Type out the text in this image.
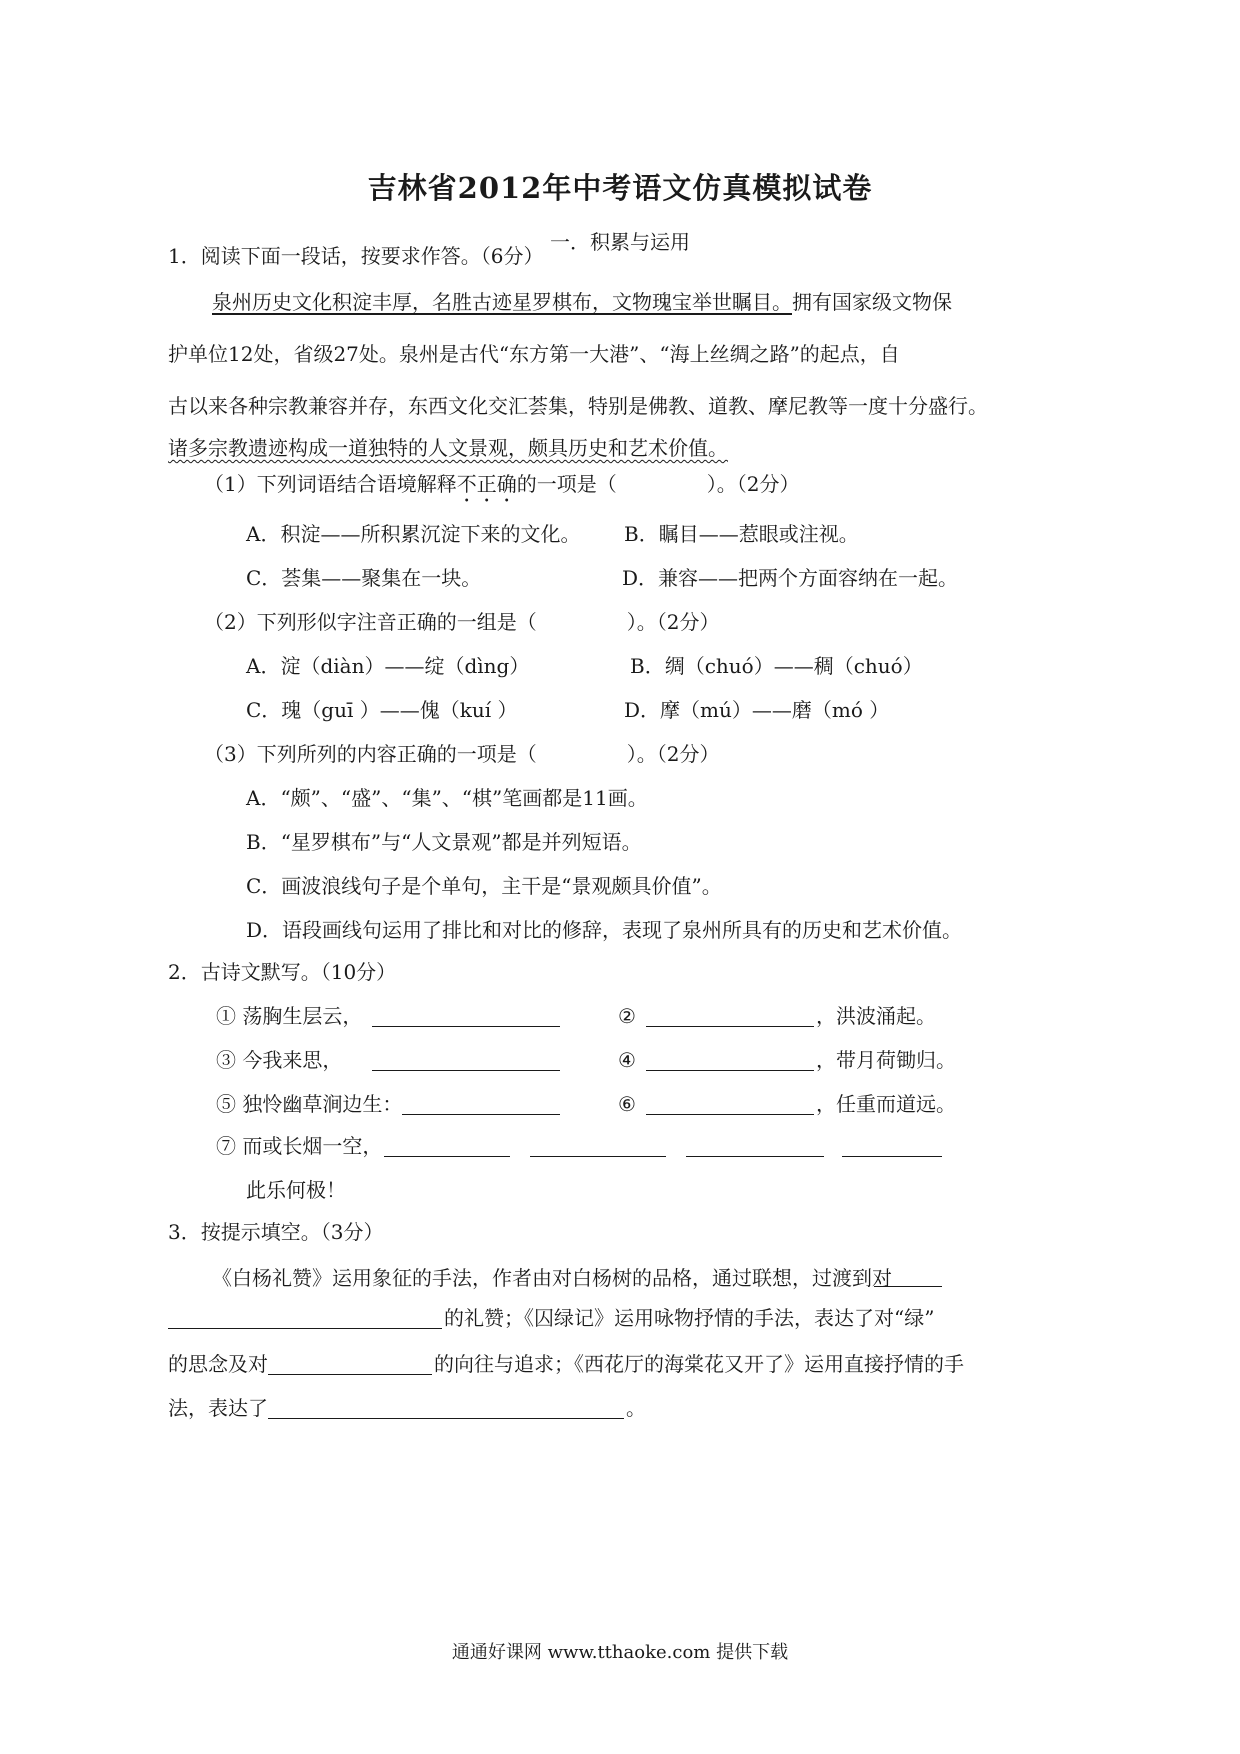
吉林省2012年中考语文仿真模拟试卷
一．积累与运用
1．阅读下面一段话，按要求作答。（6分）
泉州历史文化积淀丰厚，名胜古迹星罗棋布，文物瑰宝举世瞩目。拥有国家级文物保
护单位12处，省级27处。泉州是古代“东方第一大港”、“海上丝绸之路”的起点，自
古以来各种宗教兼容并存，东西文化交汇荟集，特别是佛教、道教、摩尼教等一度十分盛行。
诸多宗教遗迹构成一道独特的人文景观，颇具历史和艺术价值。
（1）下列词语结合语境解释不正确的一项是（	）。（2分）
A．积淀——所积累沉淀下来的文化。 B．瞩目——惹眼或注视。
C．荟集——聚集在一块。	D．兼容——把两个方面容纳在一起。
（2）下列形似字注音正确的一组是（	）。（2分）
A．淀（diàn）——绽（dìng）	B．绸（chuó）——稠（chuó）
C．瑰（guī ）——傀（kuí ）	D．摩（mú）——磨（mó ）
（3）下列所列的内容正确的一项是（	）。（2分）
A．“颇”、“盛”、“集”、“棋”笔画都是11画。
B．“星罗棋布”与“人文景观”都是并列短语。
C．画波浪线句子是个单句，主干是“景观颇具价值”。
D．语段画线句运用了排比和对比的修辞，表现了泉州所具有的历史和艺术价值。
2．古诗文默写。（10分）
① 荡胸生层云，	②	，洪波涌起。
③ 今我来思，	④	，带月荷锄归。
⑤ 独怜幽草涧边生：	⑥	，任重而道远。
⑦ 而或长烟一空，
此乐何极！
3．按提示填空。（3分）
《白杨礼赞》运用象征的手法，作者由对白杨树的品格，通过联想，过渡到对
的礼赞；《囚绿记》运用咏物抒情的手法，表达了对“绿”
的思念及对	的向往与追求；《西花厅的海棠花又开了》运用直接抒情的手
法，表达了	。
通通好课网 www.tthaoke.com 提供下载
